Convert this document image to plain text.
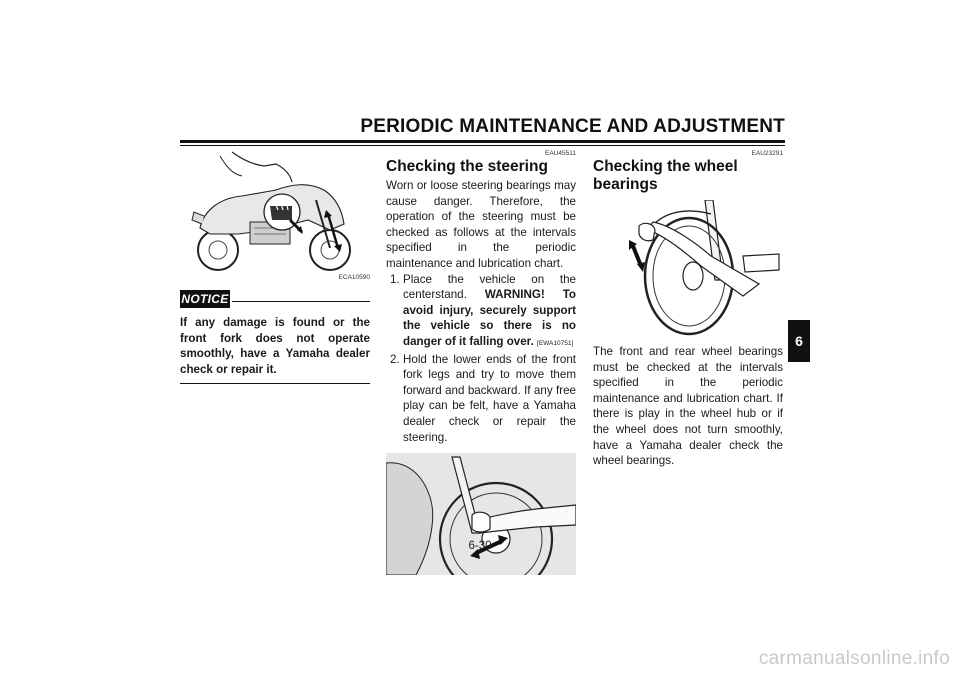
PERIODIC MAINTENANCE AND ADJUSTMENT
ECA10590
NOTICE

If any damage is found or the front fork does not operate smoothly, have a Yamaha dealer check or repair it.

EAU45511
Checking the steering

Worn or loose steering bearings may cause danger. Therefore, the operation of the steering must be checked as follows at the intervals specified in the periodic maintenance and lubrication chart.

1. Place the vehicle on the centerstand. WARNING! To avoid injury, securely support the vehicle so there is no danger of it falling over. [EWA10751]
2. Hold the lower ends of the front fork legs and try to move them forward and backward. If any free play can be felt, have a Yamaha dealer check or repair the steering.
EAU23291
Checking the wheel bearings

The front and rear wheel bearings must be checked at the intervals specified in the periodic maintenance and lubrication chart. If there is play in the wheel hub or if the wheel does not turn smoothly, have a Yamaha dealer check the wheel bearings.

6-30
6
carmanualsonline.info
